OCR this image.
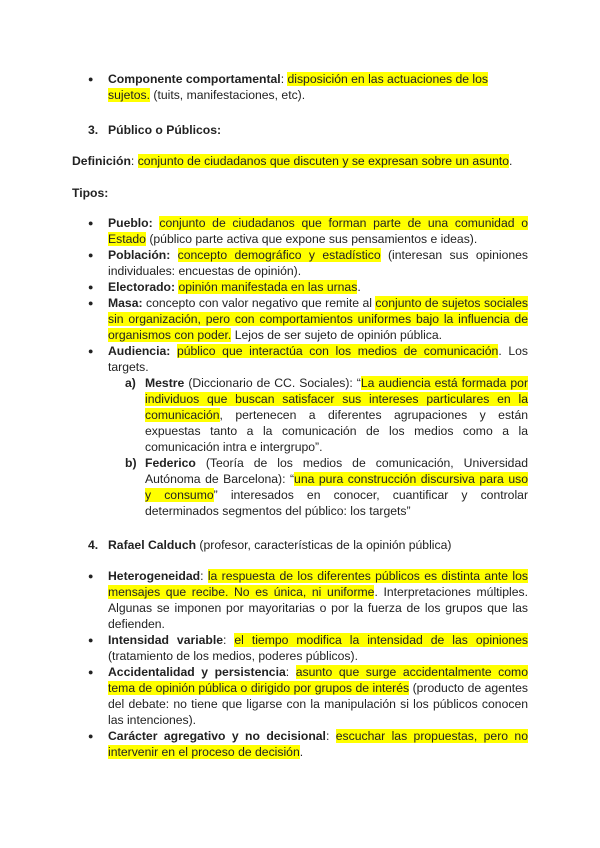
● Componente comportamental: disposición en las actuaciones de los sujetos. (tuits, manifestaciones, etc).
3. Público o Públicos:
Definición: conjunto de ciudadanos que discuten y se expresan sobre un asunto.
Tipos:
● Pueblo: conjunto de ciudadanos que forman parte de una comunidad o Estado (público parte activa que expone sus pensamientos e ideas).
● Población: concepto demográfico y estadístico (interesan sus opiniones individuales: encuestas de opinión).
● Electorado: opinión manifestada en las urnas.
● Masa: concepto con valor negativo que remite al conjunto de sujetos sociales sin organización, pero con comportamientos uniformes bajo la influencia de organismos con poder. Lejos de ser sujeto de opinión pública.
● Audiencia: público que interactúa con los medios de comunicación. Los targets.
a) Mestre (Diccionario de CC. Sociales): “La audiencia está formada por individuos que buscan satisfacer sus intereses particulares en la comunicación, pertenecen a diferentes agrupaciones y están expuestas tanto a la comunicación de los medios como a la comunicación intra e intergrupo”.
b) Federico (Teoría de los medios de comunicación, Universidad Autónoma de Barcelona): “una pura construcción discursiva para uso y consumo” interesados en conocer, cuantificar y controlar determinados segmentos del público: los targets”
4. Rafael Calduch (profesor, características de la opinión pública)
● Heterogeneidad: la respuesta de los diferentes públicos es distinta ante los mensajes que recibe. No es única, ni uniforme. Interpretaciones múltiples. Algunas se imponen por mayoritarias o por la fuerza de los grupos que las defienden.
● Intensidad variable: el tiempo modifica la intensidad de las opiniones (tratamiento de los medios, poderes públicos).
● Accidentalidad y persistencia: asunto que surge accidentalmente como tema de opinión pública o dirigido por grupos de interés (producto de agentes del debate: no tiene que ligarse con la manipulación si los públicos conocen las intenciones).
● Carácter agregativo y no decisional: escuchar las propuestas, pero no intervenir en el proceso de decisión.
